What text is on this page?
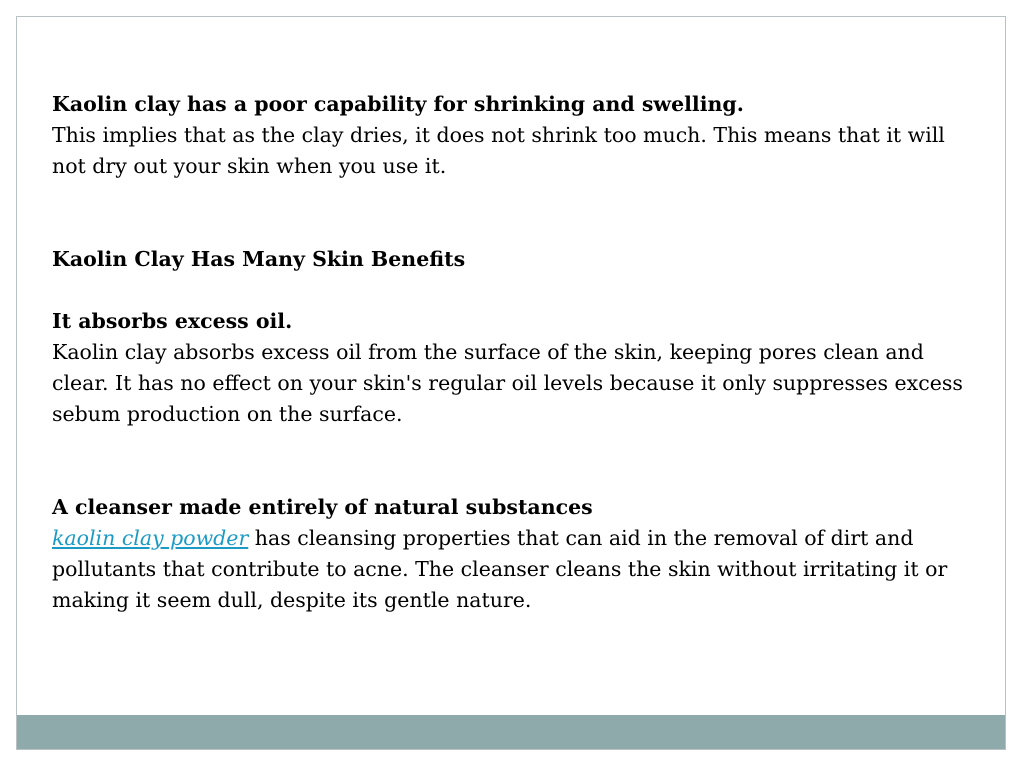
Kaolin clay has a poor capability for shrinking and swelling.

This implies that as the clay dries, it does not shrink too much. This means that it will not dry out your skin when you use it.

Kaolin Clay Has Many Skin Benefits

It absorbs excess oil.

Kaolin clay absorbs excess oil from the surface of the skin, keeping pores clean and clear. It has no effect on your skin's regular oil levels because it only suppresses excess sebum production on the surface.

A cleanser made entirely of natural substances

kaolin clay powder has cleansing properties that can aid in the removal of dirt and pollutants that contribute to acne. The cleanser cleans the skin without irritating it or making it seem dull, despite its gentle nature.
